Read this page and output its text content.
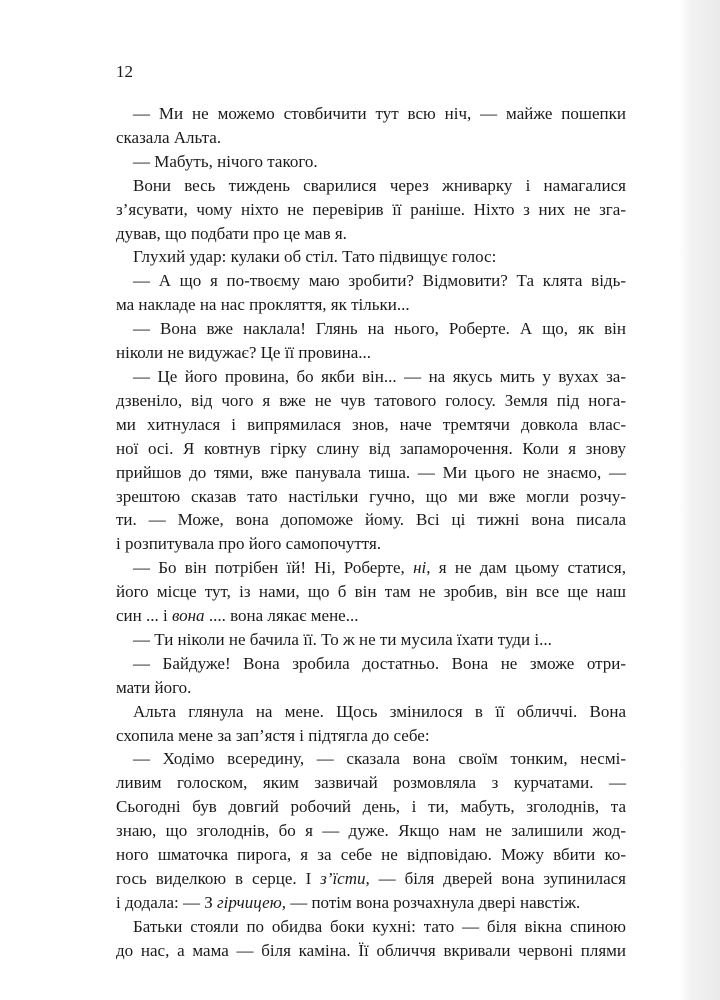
12
— Ми не можемо стовбичити тут всю ніч, — майже пошепки
сказала Альта.
— Мабуть, нічого такого.
Вони весь тиждень сварилися через жниварку і намагалися
з’ясувати, чому ніхто не перевірив її раніше. Ніхто з них не зга-
дував, що подбати про це мав я.
Глухий удар: кулаки об стіл. Тато підвищує голос:
— А що я по-твоєму маю зробити? Відмовити? Та клята відь-
ма накладе на нас прокляття, як тільки...
— Вона вже наклала! Глянь на нього, Роберте. А що, як він
ніколи не видужає? Це її провина...
— Це його провина, бо якби він... — на якусь мить у вухах за-
дзвеніло, від чого я вже не чув татового голосу. Земля під нога-
ми хитнулася і випрямилася знов, наче тремтячи довкола влас-
ної осі. Я ковтнув гірку слину від запаморочення. Коли я знову
прийшов до тями, вже панувала тиша. — Ми цього не знаємо, —
зрештою сказав тато настільки гучно, що ми вже могли розчу-
ти. — Може, вона допоможе йому. Всі ці тижні вона писала
і розпитувала про його самопочуття.
— Бо він потрібен їй! Ні, Роберте, ні, я не дам цьому статися,
його місце тут, із нами, що б він там не зробив, він все ще наш
син ... і вона .... вона лякає мене...
— Ти ніколи не бачила її. То ж не ти мусила їхати туди і...
— Байдуже! Вона зробила достатньо. Вона не зможе отри-
мати його.
Альта глянула на мене. Щось змінилося в її обличчі. Вона
схопила мене за зап’ястя і підтягла до себе:
— Ходімо всередину, — сказала вона своїм тонким, несмі-
ливим голоском, яким зазвичай розмовляла з курчатами. —
Сьогодні був довгий робочий день, і ти, мабуть, зголоднів, та
знаю, що зголоднів, бо я — дуже. Якщо нам не залишили жод-
ного шматочка пирога, я за себе не відповідаю. Можу вбити ко-
гось виделкою в серце. І з’їсти, — біля дверей вона зупинилася
і додала: — З гірчицею, — потім вона розчахнула двері навстіж.
Батьки стояли по обидва боки кухні: тато — біля вікна спиною
до нас, а мама — біля каміна. Її обличчя вкривали червоні плями
